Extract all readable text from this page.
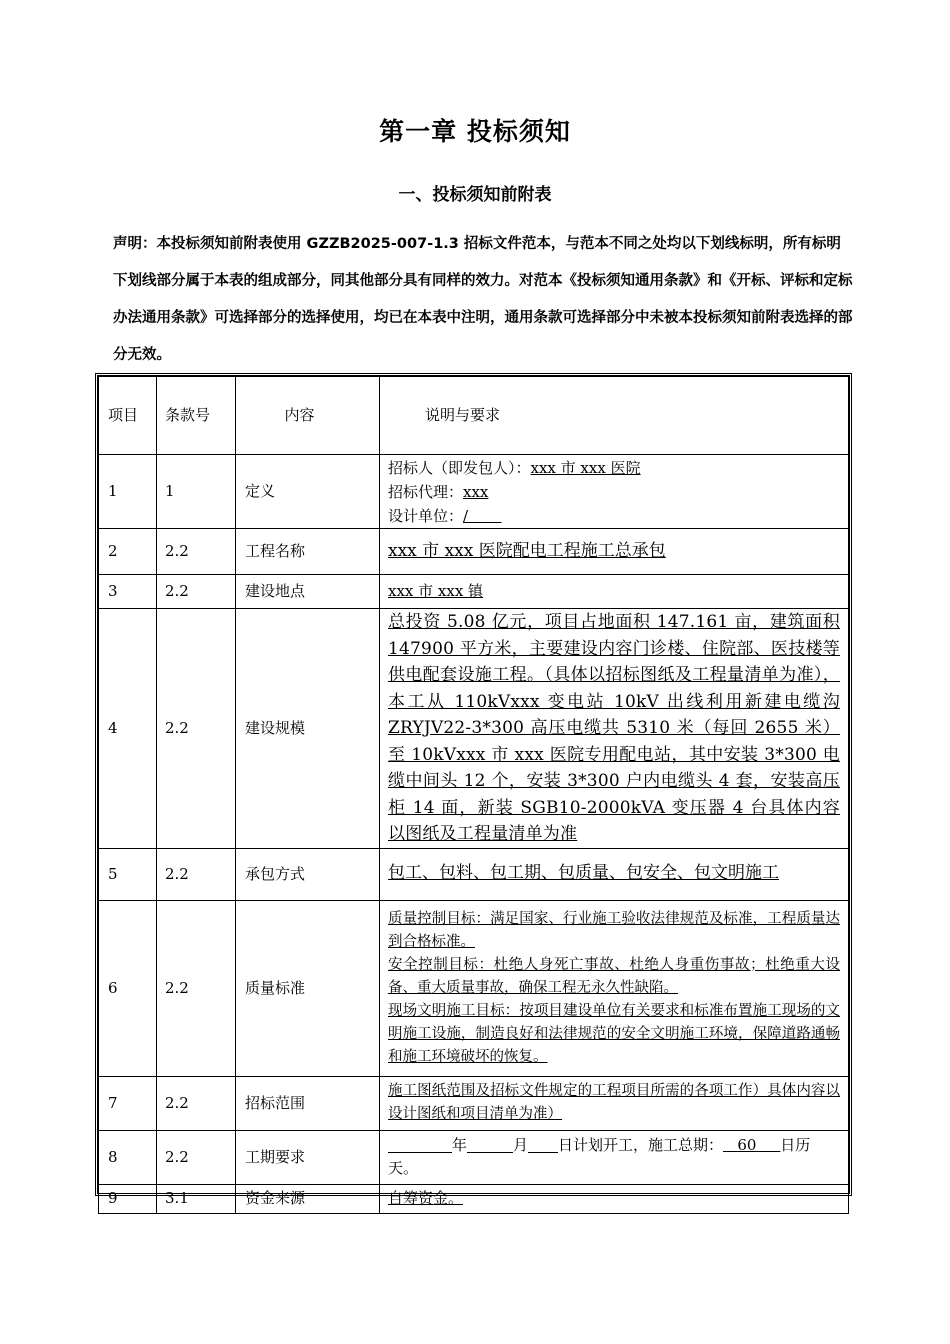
第一章 投标须知
一、投标须知前附表
声明：本投标须知前附表使用 GZZB2025-007-1.3 招标文件范本，与范本不同之处均以下划线标明，所有标明下划线部分属于本表的组成部分，同其他部分具有同样的效力。对范本《投标须知通用条款》和《开标、评标和定标办法通用条款》可选择部分的选择使用，均已在本表中注明，通用条款可选择部分中未被本投标须知前附表选择的部分无效。
项目	条款号	内容	说明与要求
1	1	定义	招标人（即发包人）：xxx 市 xxx 医院
招标代理：xxx
设计单位：/

2	2.2	工程名称	xxx 市 xxx 医院配电工程施工总承包
3	2.2	建设地点	xxx 市 xxx 镇
4	2.2	建设规模	总投资 5.08 亿元，项目占地面积 147.161 亩，建筑面积 147900 平方米，主要建设内容门诊楼、住院部、医技楼等供电配套设施工程。（具体以招标图纸及工程量清单为准），本工从 110kVxxx 变电站 10kV 出线利用新建电缆沟 ZRYJV22-3*300 高压电缆共 5310 米（每回 2655 米）至 10kVxxx 市 xxx 医院专用配电站，其中安装 3*300 电缆中间头 12 个，安装 3*300 户内电缆头 4 套，安装高压柜 14 面，新装 SGB10-2000kVA 变压器 4 台具体内容以图纸及工程量清单为准
5	2.2	承包方式	包工、包料、包工期、包质量、包安全、包文明施工
6	2.2	质量标准	质量控制目标：满足国家、行业施工验收法律规范及标准，工程质量达到合格标准。
安全控制目标：杜绝人身死亡事故、杜绝人身重伤事故；杜绝重大设备、重大质量事故，确保工程无永久性缺陷。
现场文明施工目标：按项目建设单位有关要求和标准布置施工现场的文明施工设施，制造良好和法律规范的安全文明施工环境，保障道路通畅和施工环境破坏的恢复。

7	2.2	招标范围	施工图纸范围及招标文件规定的工程项目所需的各项工作）具体内容以设计图纸和项目清单为准）
8	2.2	工期要求	年 月 日计划开工，施工总期： 60 日历天。
9	3.1	资金来源	自筹资金。
